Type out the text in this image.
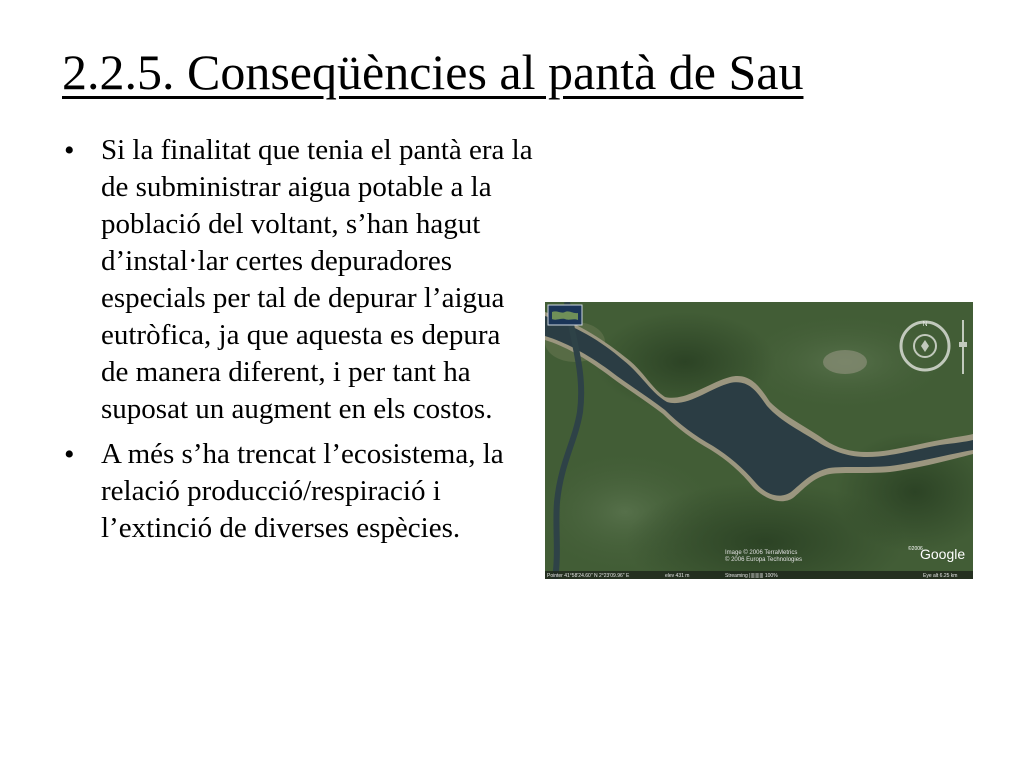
2.2.5. Conseqüències al pantà de Sau
• Si la finalitat que tenia el pantà era la de subministrar aigua potable a la població del voltant, s’han hagut d’instal·lar certes depuradores especials per tal de depurar l’aigua eutròfica, ja que aquesta es depura de manera diferent, i per tant ha suposat un augment en els costos.
• A més s’ha trencat l’ecosistema, la relació producció/respiració i l’extinció de diverses espècies.
N
Image © 2006 TerraMetrics
© 2006 Europa Technologies
©2006
Google
Pointer 41°58'24.60" N 2°23'09.96" E	elev 431 m	Streaming ||||||||||| 100%	Eye alt 6.25 km
